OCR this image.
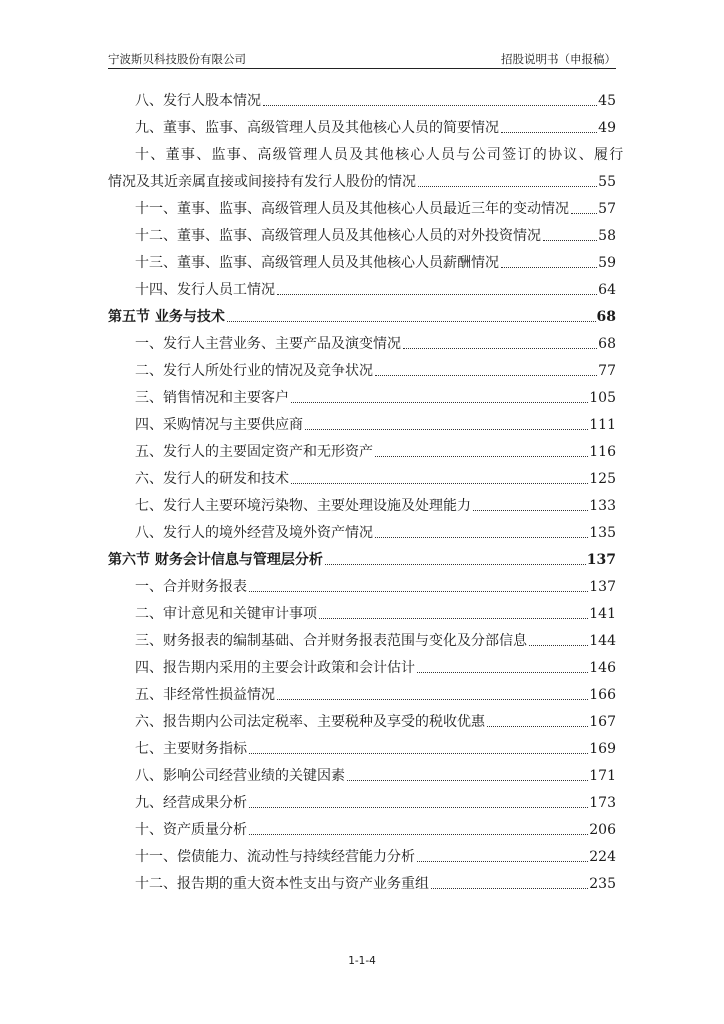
宁波斯贝科技股份有限公司	招股说明书（申报稿）
八、发行人股本情况	45
九、董事、监事、高级管理人员及其他核心人员的简要情况	49
十、董事、监事、高级管理人员及其他核心人员与公司签订的协议、履行
情况及其近亲属直接或间接持有发行人股份的情况	55
十一、董事、监事、高级管理人员及其他核心人员最近三年的变动情况 57
十二、董事、监事、高级管理人员及其他核心人员的对外投资情况	58
十三、董事、监事、高级管理人员及其他核心人员薪酬情况	59
十四、发行人员工情况	64
第五节 业务与技术	68
一、发行人主营业务、主要产品及演变情况	68
二、发行人所处行业的情况及竞争状况	77
三、销售情况和主要客户	105
四、采购情况与主要供应商	111
五、发行人的主要固定资产和无形资产	116
六、发行人的研发和技术	125
七、发行人主要环境污染物、主要处理设施及处理能力	133
八、发行人的境外经营及境外资产情况	135
第六节 财务会计信息与管理层分析	137
一、合并财务报表	137
二、审计意见和关键审计事项	141
三、财务报表的编制基础、合并财务报表范围与变化及分部信息	144
四、报告期内采用的主要会计政策和会计估计	146
五、非经常性损益情况	166
六、报告期内公司法定税率、主要税种及享受的税收优惠	167
七、主要财务指标	169
八、影响公司经营业绩的关键因素	171
九、经营成果分析	173
十、资产质量分析	206
十一、偿债能力、流动性与持续经营能力分析	224
十二、报告期的重大资本性支出与资产业务重组	235
1-1-4
